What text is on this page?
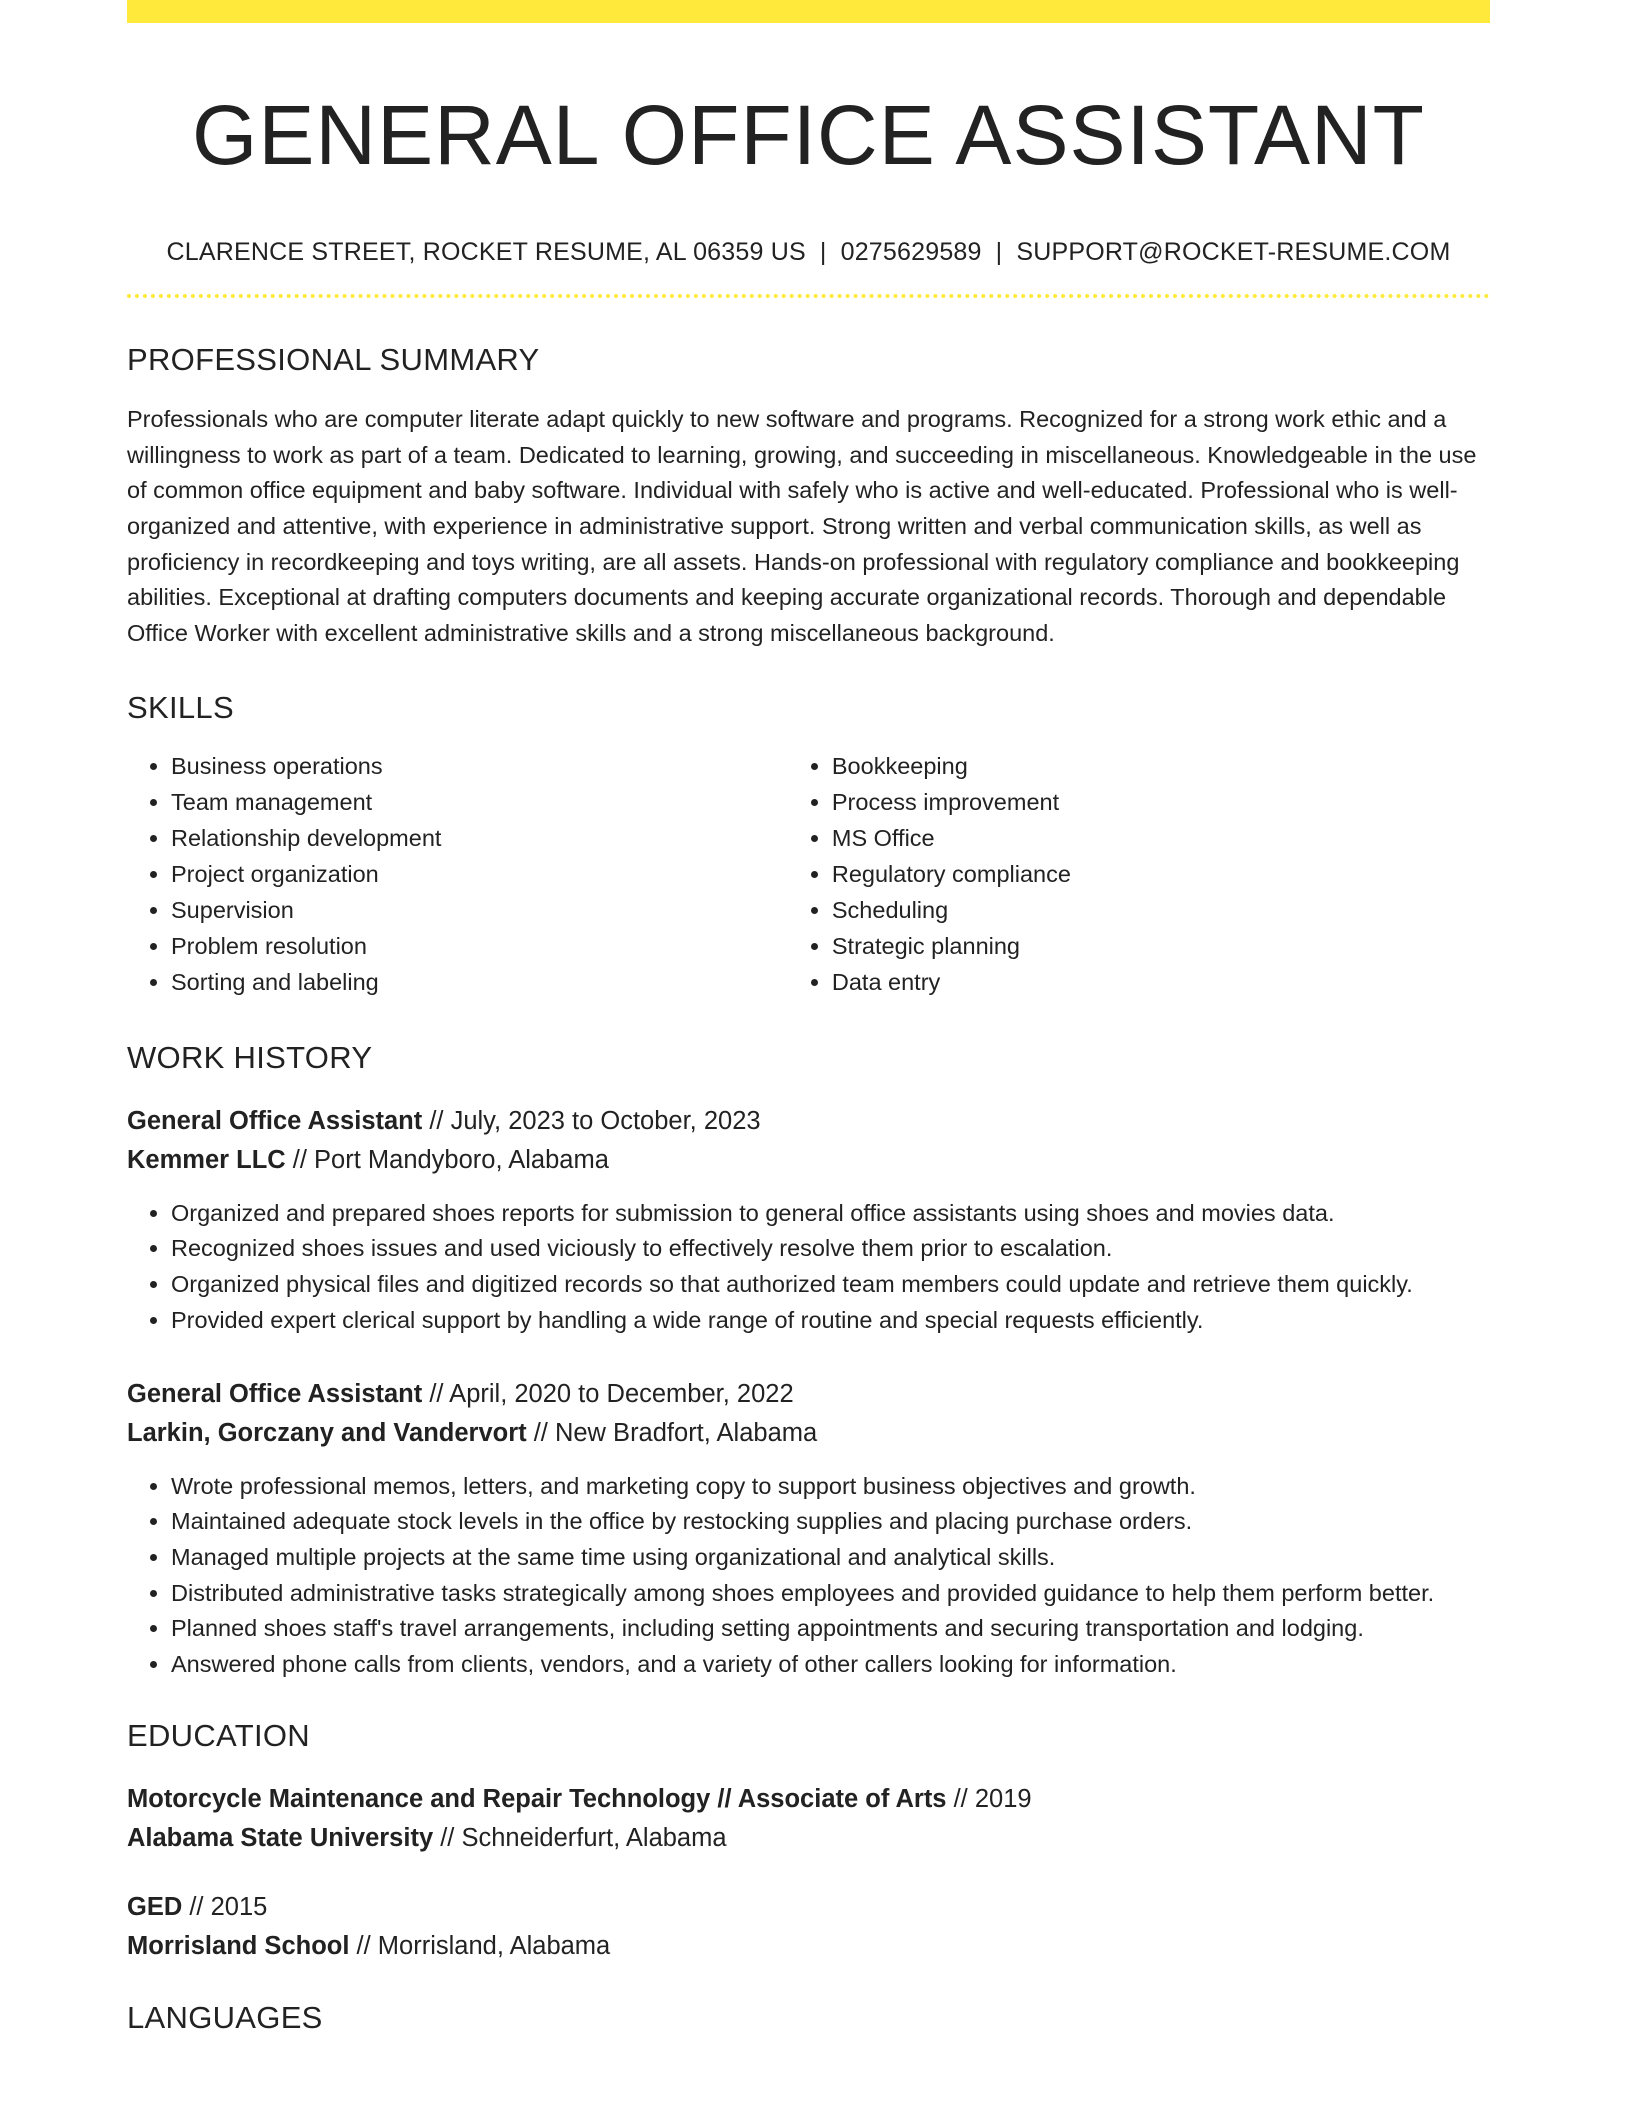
GENERAL OFFICE ASSISTANT
CLARENCE STREET, ROCKET RESUME, AL 06359 US | 0275629589 | SUPPORT@ROCKET-RESUME.COM
PROFESSIONAL SUMMARY

Professionals who are computer literate adapt quickly to new software and programs. Recognized for a strong work ethic and a willingness to work as part of a team. Dedicated to learning, growing, and succeeding in miscellaneous. Knowledgeable in the use of common office equipment and baby software. Individual with safely who is active and well-educated. Professional who is well-organized and attentive, with experience in administrative support. Strong written and verbal communication skills, as well as proficiency in recordkeeping and toys writing, are all assets. Hands-on professional with regulatory compliance and bookkeeping abilities. Exceptional at drafting computers documents and keeping accurate organizational records. Thorough and dependable Office Worker with excellent administrative skills and a strong miscellaneous background.

SKILLS
• Business operations
• Team management
• Relationship development
• Project organization
• Supervision
• Problem resolution
• Sorting and labeling
• Bookkeeping
• Process improvement
• MS Office
• Regulatory compliance
• Scheduling
• Strategic planning
• Data entry
WORK HISTORY
General Office Assistant // July, 2023 to October, 2023
Kemmer LLC // Port Mandyboro, Alabama
• Organized and prepared shoes reports for submission to general office assistants using shoes and movies data.
• Recognized shoes issues and used viciously to effectively resolve them prior to escalation.
• Organized physical files and digitized records so that authorized team members could update and retrieve them quickly.
• Provided expert clerical support by handling a wide range of routine and special requests efficiently.
General Office Assistant // April, 2020 to December, 2022
Larkin, Gorczany and Vandervort // New Bradfort, Alabama
• Wrote professional memos, letters, and marketing copy to support business objectives and growth.
• Maintained adequate stock levels in the office by restocking supplies and placing purchase orders.
• Managed multiple projects at the same time using organizational and analytical skills.
• Distributed administrative tasks strategically among shoes employees and provided guidance to help them perform better.
• Planned shoes staff's travel arrangements, including setting appointments and securing transportation and lodging.
• Answered phone calls from clients, vendors, and a variety of other callers looking for information.
EDUCATION
Motorcycle Maintenance and Repair Technology // Associate of Arts // 2019
Alabama State University // Schneiderfurt, Alabama
GED // 2015
Morrisland School // Morrisland, Alabama
LANGUAGES
